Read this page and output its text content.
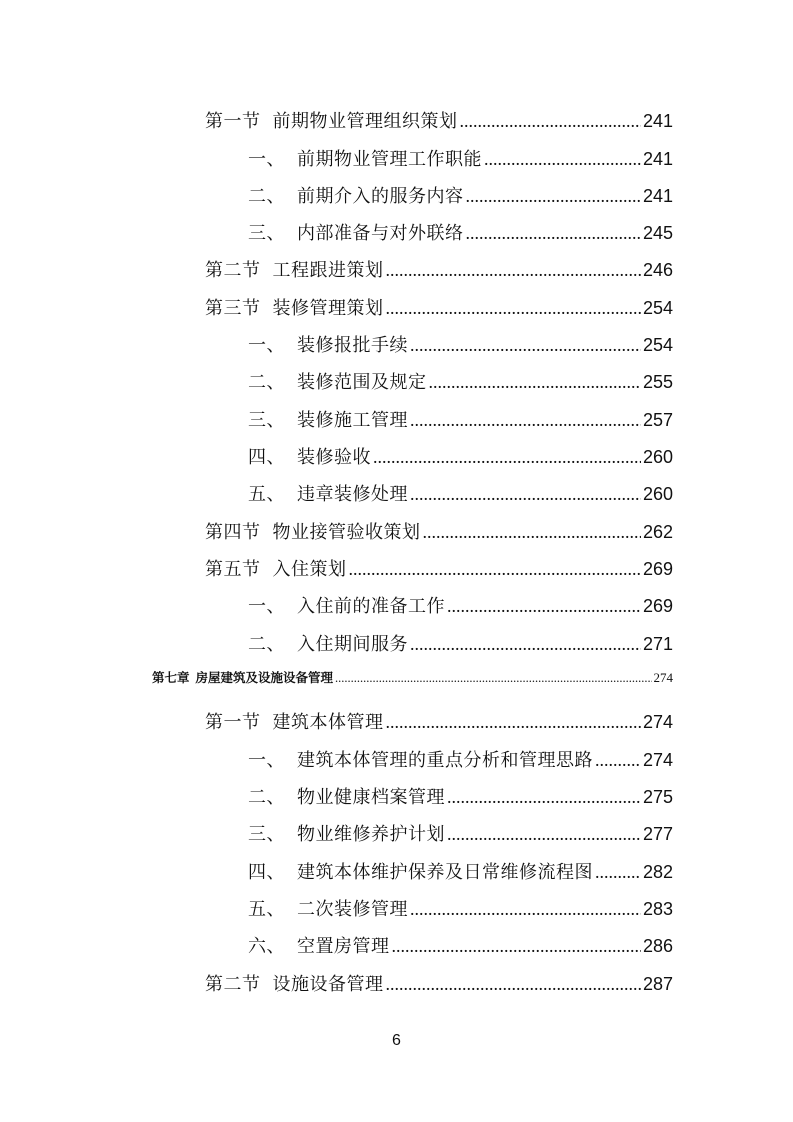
第一节 前期物业管理组织策划 .....	241
一、 前期物业管理工作职能 .....	241
二、 前期介入的服务内容 .....	241
三、 内部准备与对外联络 .....	245
第二节 工程跟进策划 .....	246
第三节 装修管理策划 .....	254
一、 装修报批手续 .....	254
二、 装修范围及规定 .....	255
三、 装修施工管理 .....	257
四、 装修验收 .....	260
五、 违章装修处理 .....	260
第四节 物业接管验收策划 .....	262
第五节 入住策划 .....	269
一、 入住前的准备工作 .....	269
二、 入住期间服务 .....	271
第七章 房屋建筑及设施设备管理 .....	274
第一节 建筑本体管理 .....	274
一、 建筑本体管理的重点分析和管理思路 .....	274
二、 物业健康档案管理 .....	275
三、 物业维修养护计划 .....	277
四、 建筑本体维护保养及日常维修流程图 .....	282
五、 二次装修管理 .....	283
六、 空置房管理 .....	286
第二节 设施设备管理 .....	287
6
